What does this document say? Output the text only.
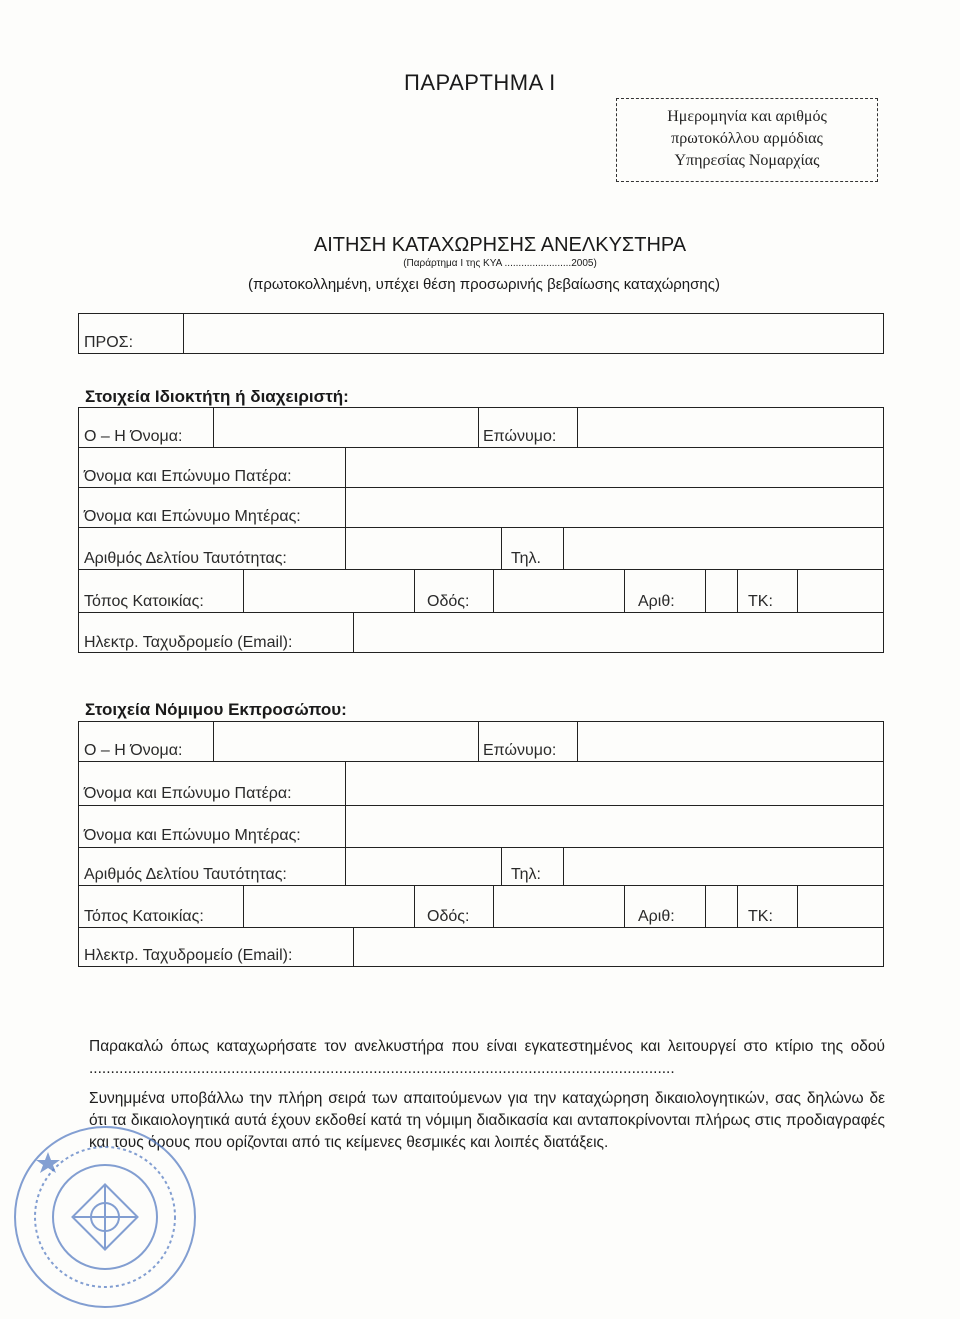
ΠΑΡΑΡΤΗΜΑ Ι
Ημερομηνία και αριθμός
πρωτοκόλλου αρμόδιας
Υπηρεσίας Νομαρχίας
ΑΙΤΗΣΗ ΚΑΤΑΧΩΡΗΣΗΣ ΑΝΕΛΚΥΣΤΗΡΑ
(Παράρτημα Ι της ΚΥΑ ........................2005)
(πρωτοκολλημένη, υπέχει θέση προσωρινής βεβαίωσης καταχώρησης)
ΠΡΟΣ:
Στοιχεία Ιδιοκτήτη ή διαχειριστή:
Ο – Η Όνομα:	Επώνυμο:
Όνομα και Επώνυμο Πατέρα:
Όνομα και Επώνυμο Μητέρας:
Αριθμός Δελτίου Ταυτότητας:	Τηλ.
Τόπος Κατοικίας:	Οδός:	Αριθ:	ΤΚ:
Ηλεκτρ. Ταχυδρομείο (Email):
Στοιχεία Νόμιμου Εκπροσώπου:
Ο – Η Όνομα:	Επώνυμο:
Όνομα και Επώνυμο Πατέρα:
Όνομα και Επώνυμο Μητέρας:
Αριθμός Δελτίου Ταυτότητας:	Τηλ:
Τόπος Κατοικίας:	Οδός:	Αριθ:	ΤΚ:
Ηλεκτρ. Ταχυδρομείο (Email):
Παρακαλώ όπως καταχωρήσατε τον ανελκυστήρα που είναι εγκατεστημένος και λειτουργεί στο κτίριο της οδού ........................................................................................................................................
Συνημμένα υποβάλλω την πλήρη σειρά των απαιτούμενων για την καταχώρηση δικαιολογητικών, σας δηλώνω δε ότι τα δικαιολογητικά αυτά έχουν εκδοθεί κατά τη νόμιμη διαδικασία και ανταποκρίνονται πλήρως στις προδιαγραφές και τους όρους που ορίζονται από τις κείμενες θεσμικές και λοιπές διατάξεις.
